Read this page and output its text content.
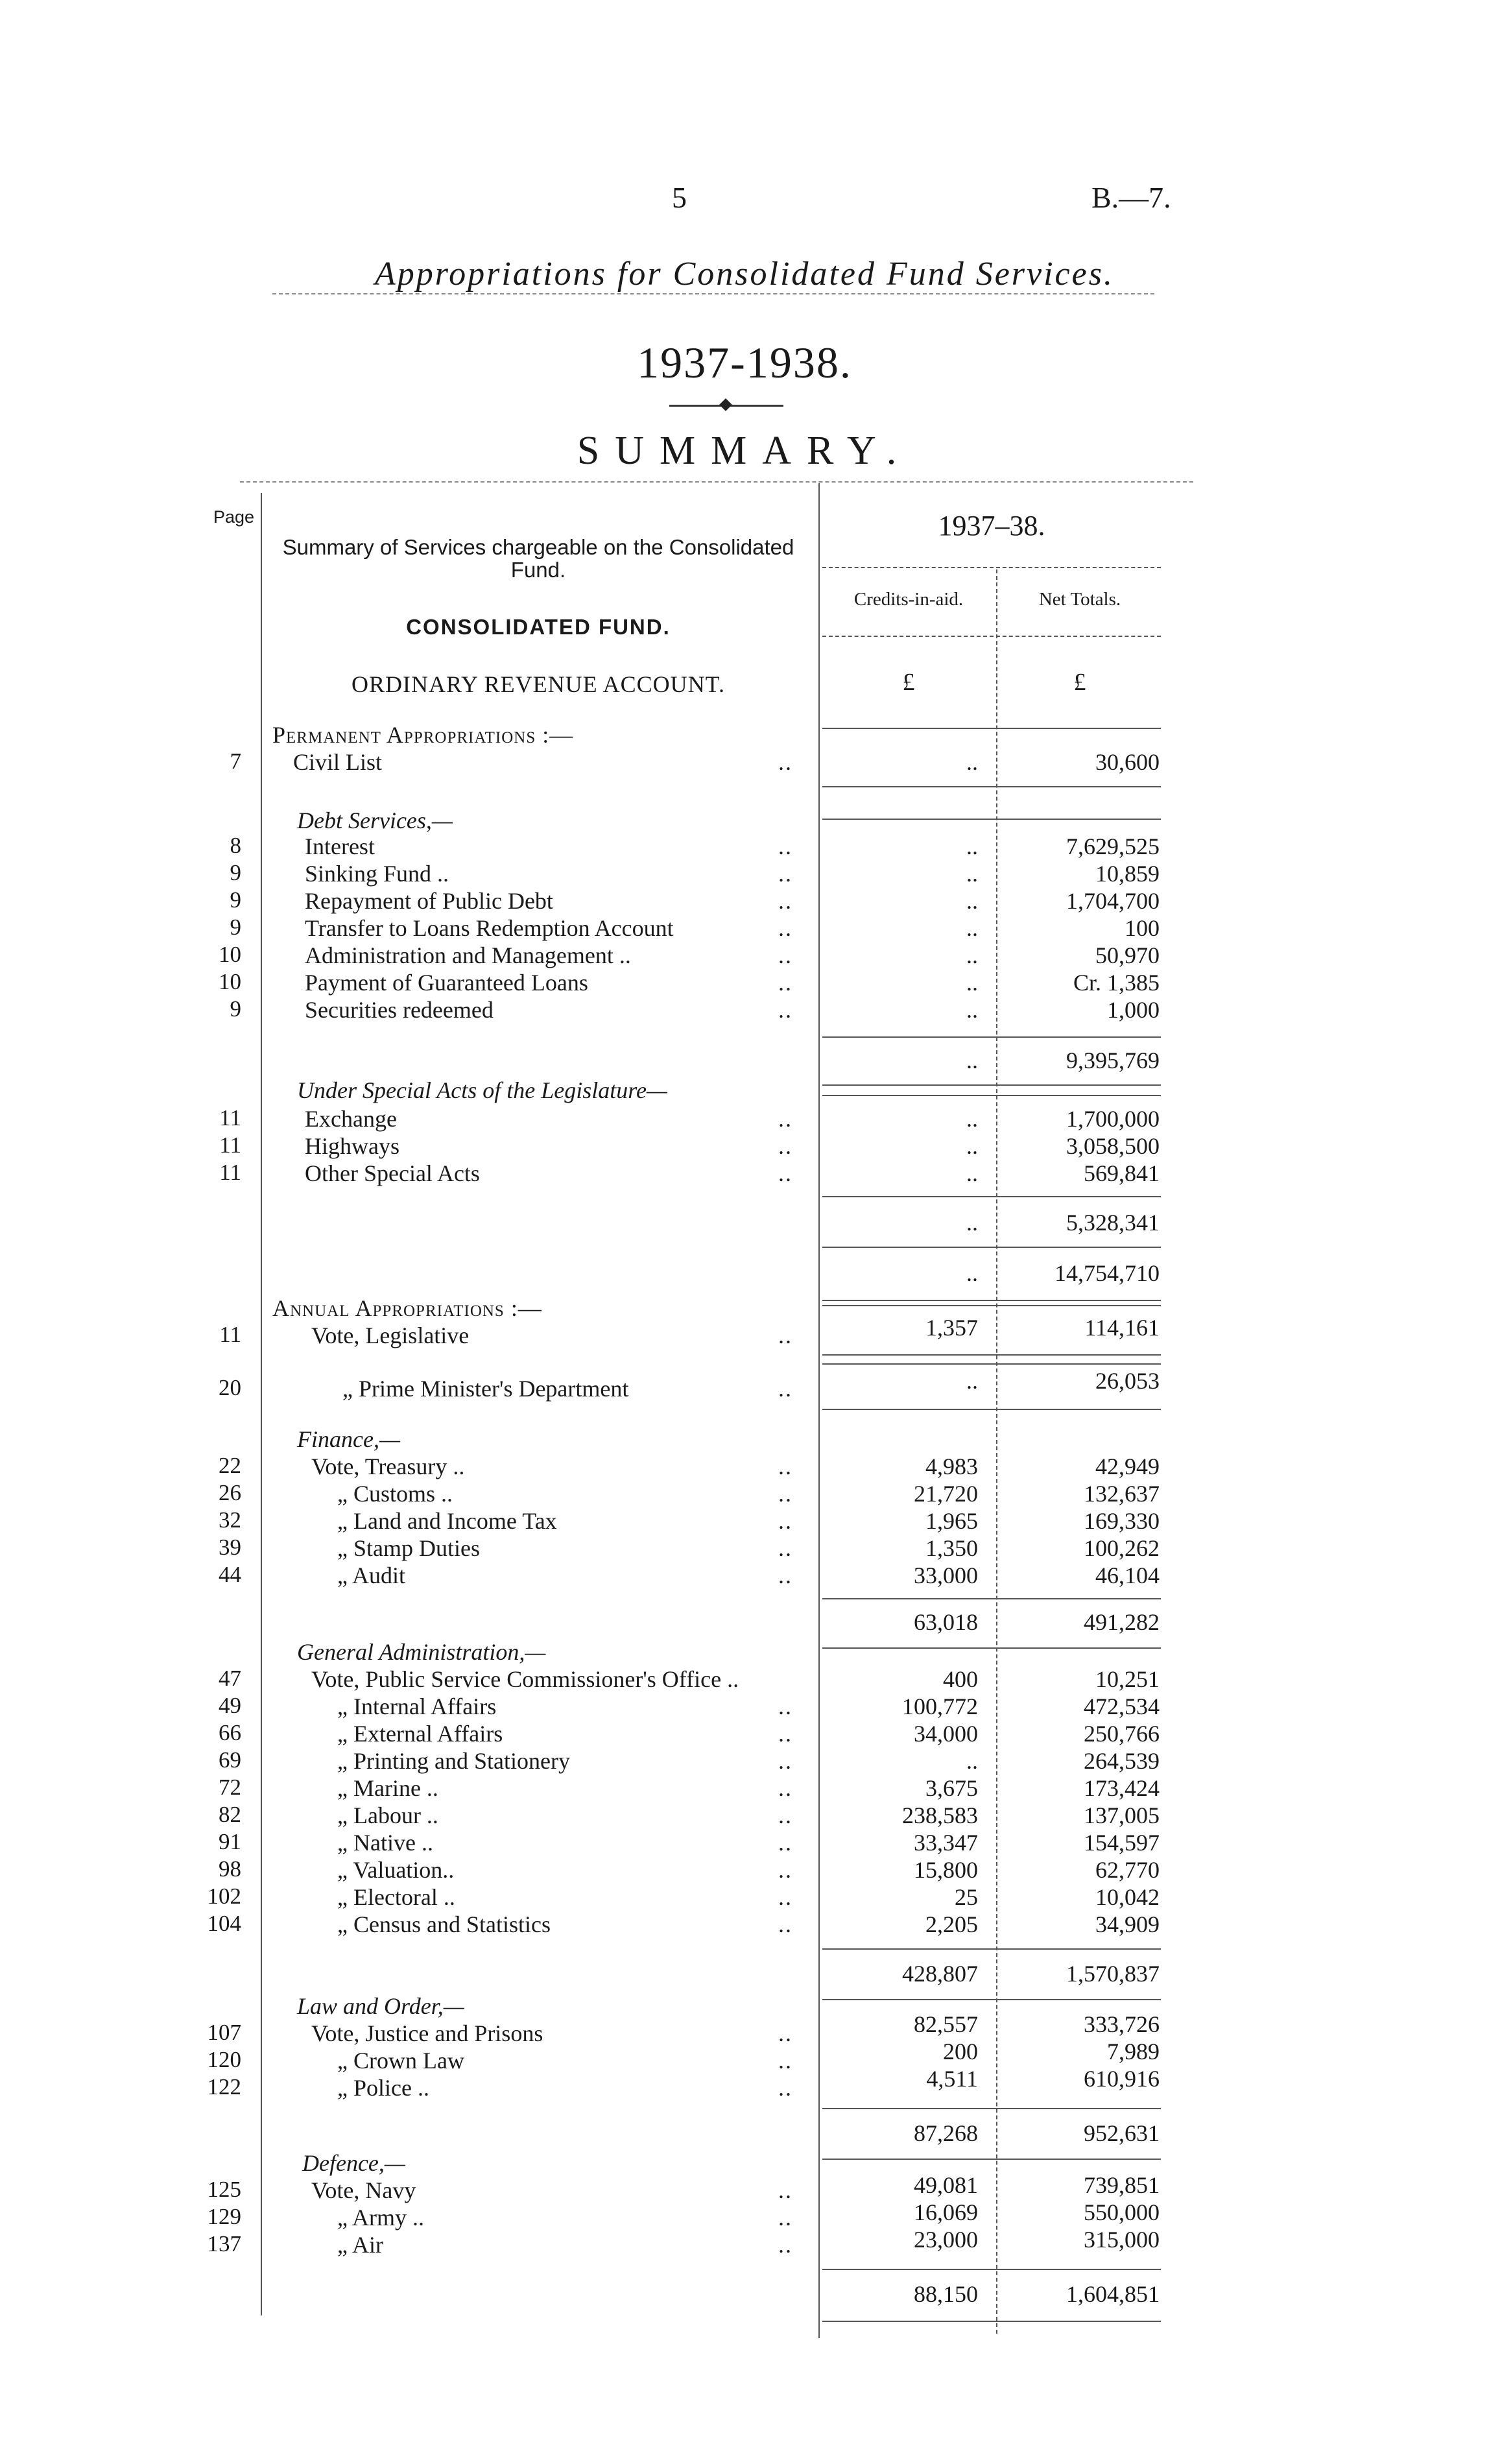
5	B.—7.
Appropriations for Consolidated Fund Services.
1937-1938.
SUMMARY.
Page
Summary of Services chargeable on the Consolidated Fund.
CONSOLIDATED FUND.
ORDINARY REVENUE ACCOUNT.
1937–38.
Credits-in-aid.	Net Totals.
£	£
Permanent Appropriations :—
7 Civil List	..	..	30,600
Debt Services,—
8	Interest	..	..	7,629,525
9	Sinking Fund ..	..	..	10,859
9	Repayment of Public Debt	..	..	1,704,700
9	Transfer to Loans Redemption Account	..	..	100
10	Administration and Management ..	..	..	50,970
10	Payment of Guaranteed Loans	..	..	Cr. 1,385
9	Securities redeemed	..	..	1,000
..	9,395,769
Under Special Acts of the Legislature—
11	Exchange	..	..	1,700,000
11	Highways	..	..	3,058,500
11	Other Special Acts	..	..	569,841
..	5,328,341
..	14,754,710
Annual Appropriations :—
11	Vote, Legislative	..	1,357	114,161
20	„ Prime Minister's Department	..	..	26,053
Finance,—
22	Vote, Treasury ..	..	4,983	42,949
26	„ Customs ..	..	21,720	132,637
32	„ Land and Income Tax	..	1,965	169,330
39	„ Stamp Duties	..	1,350	100,262
44	„ Audit	..	33,000	46,104
63,018	491,282
General Administration,—
47	Vote, Public Service Commissioner's Office ..	400	10,251
49	„ Internal Affairs	..	100,772	472,534
66	„ External Affairs	..	34,000	250,766
69	„ Printing and Stationery	..	..	264,539
72	„ Marine ..	..	3,675	173,424
82	„ Labour ..	..	238,583	137,005
91	„ Native ..	..	33,347	154,597
98	„ Valuation..	..	15,800	62,770
102	„ Electoral ..	..	25	10,042
104	„ Census and Statistics	..	2,205	34,909
428,807	1,570,837
Law and Order,—
107	Vote, Justice and Prisons	..	82,557	333,726
120	„ Crown Law	..	200	7,989
122	„ Police ..	..	4,511	610,916
87,268	952,631
Defence,—
125	Vote, Navy	..	49,081	739,851
129	„ Army ..	..	16,069	550,000
137	„ Air	..	23,000	315,000
88,150	1,604,851
